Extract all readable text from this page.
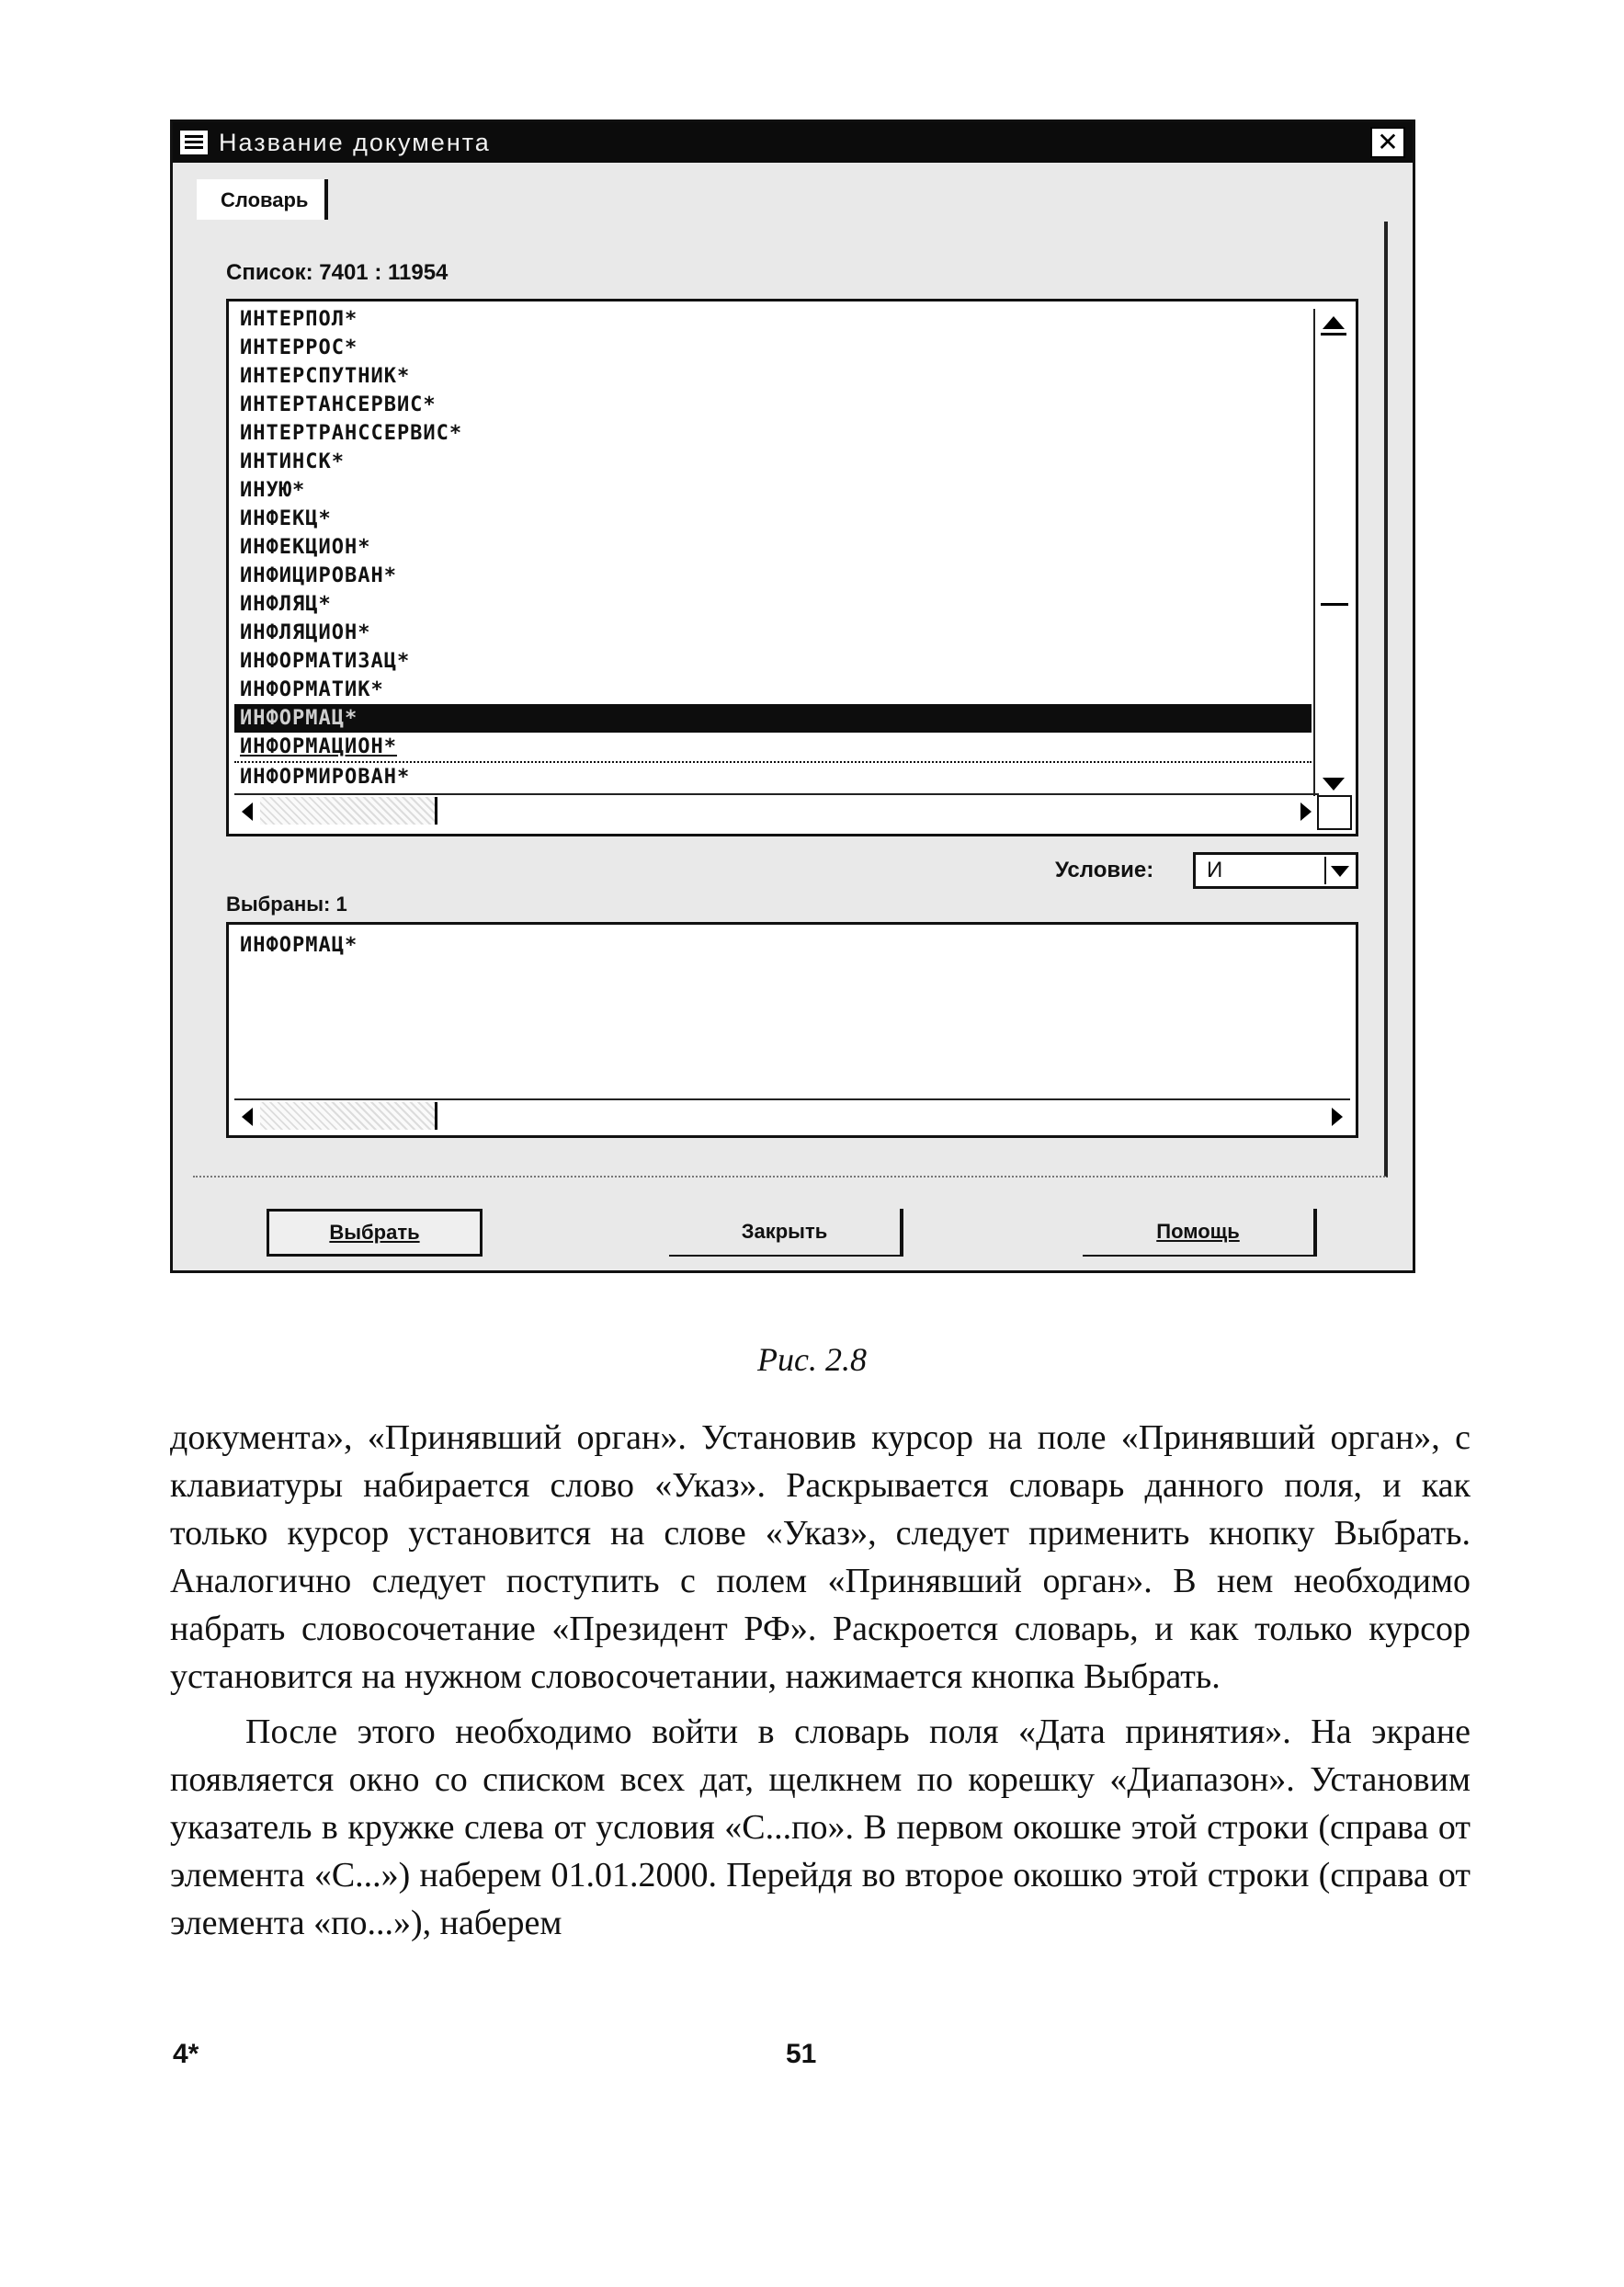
Название документа	✕
Словарь
Список: 7401 : 11954
ИНТЕРПОЛ*
ИНТЕРРОС*
ИНТЕРСПУТНИК*
ИНТЕРТАНСЕРВИС*
ИНТЕРТРАНССЕРВИС*
ИНТИНСК*
ИНУЮ*
ИНФЕКЦ*
ИНФЕКЦИОН*
ИНФИЦИРОВАН*
ИНФЛЯЦ*
ИНФЛЯЦИОН*
ИНФОРМАТИЗАЦ*
ИНФОРМАТИК*
ИНФОРМАЦ*
ИНФОРМАЦИОН*
ИНФОРМИРОВАН*
Условие: И
Выбраны: 1
ИНФОРМАЦ*
Выбрать	Закрыть	Помощь
Рис. 2.8

документа», «Принявший орган». Установив курсор на поле «Принявший орган», с клавиатуры набирается слово «Указ». Раскрывается словарь данного поля, и как только курсор установится на слове «Указ», следует применить кнопку Выбрать. Аналогично следует поступить с полем «Принявший орган». В нем необходимо набрать словосочетание «Президент РФ». Раскроется словарь, и как только курсор установится на нужном словосочетании, нажимается кнопка Выбрать.

После этого необходимо войти в словарь поля «Дата принятия». На экране появляется окно со списком всех дат, щелкнем по корешку «Диапазон». Установим указатель в кружке слева от условия «С...по». В первом окошке этой строки (справа от элемента «С...») наберем 01.01.2000. Перейдя во второе окошко этой строки (справа от элемента «по...»), наберем

4*	51
